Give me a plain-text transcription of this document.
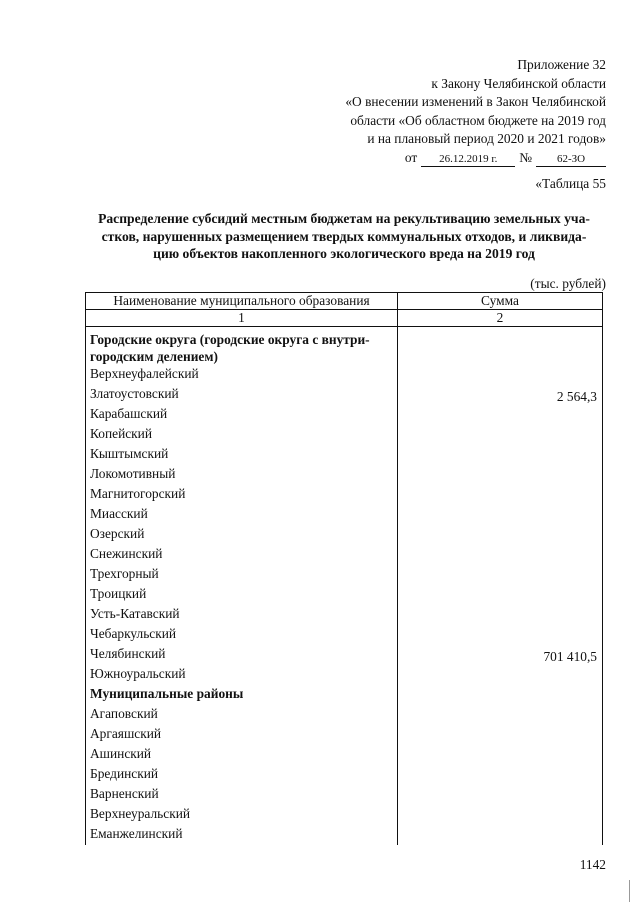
Приложение 32
к Закону Челябинской области
«О внесении изменений в Закон Челябинской
области «Об областном бюджете на 2019 год
и на плановый период 2020 и 2021 годов»
от	26.12.2019 г.	№	62-ЗО
«Таблица 55
Распределение субсидий местным бюджетам на рекультивацию земельных уча-
стков, нарушенных размещением твердых коммунальных отходов, и ликвида-
цию объектов накопленного экологического вреда на 2019 год
(тыс. рублей)
Наименование муниципального образования	Сумма
1	2
Городские округа (городские округа с внутри-городским делением)	
Верхнеуфалейский	
Златоустовский	2 564,3
Карабашский	
Копейский	
Кыштымский	
Локомотивный	
Магнитогорский	
Миасский	
Озерский	
Снежинский	
Трехгорный	
Троицкий	
Усть-Катавский	
Чебаркульский	
Челябинский	701 410,5
Южноуральский	
Муниципальные районы	
Агаповский	
Аргаяшский	
Ашинский	
Брединский	
Варненский	
Верхнеуральский	
Еманжелинский	
1142
